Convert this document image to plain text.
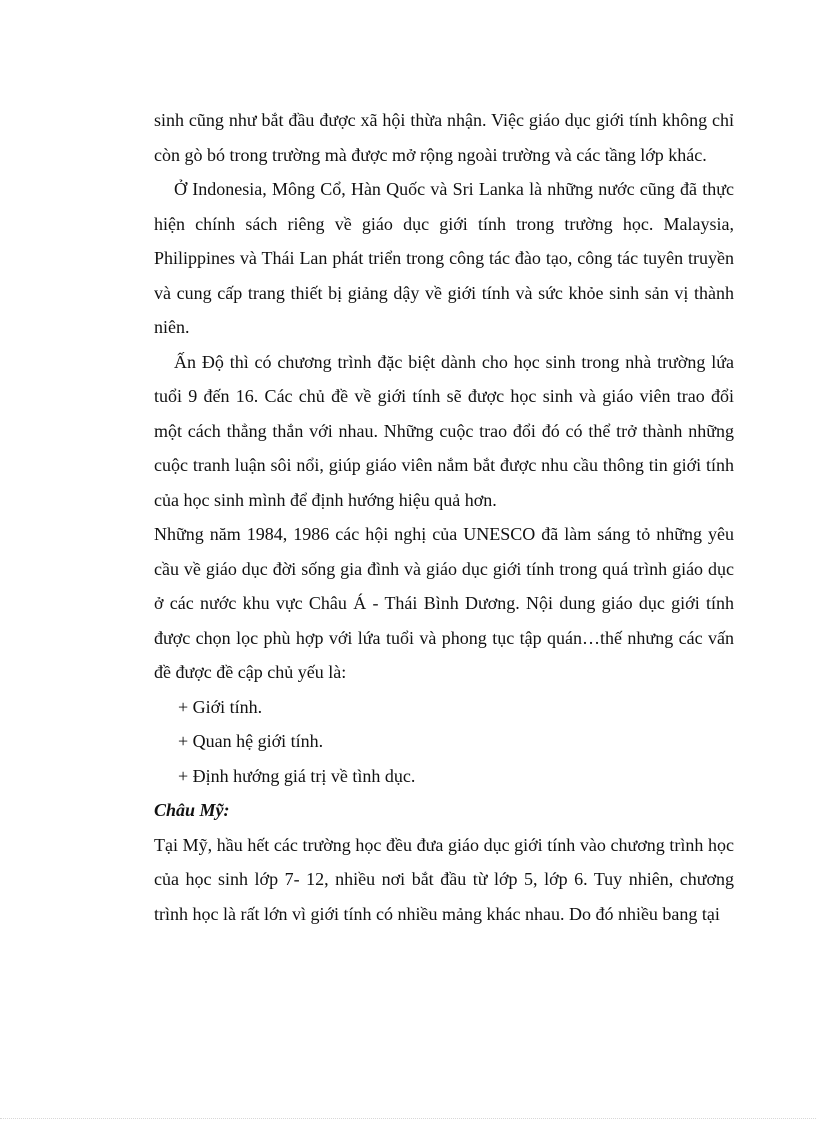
sinh cũng như bắt đầu được xã hội thừa nhận. Việc giáo dục giới tính không chỉ còn gò bó trong trường mà được mở rộng ngoài trường và các tầng lớp khác.

Ở Indonesia, Mông Cổ, Hàn Quốc và Sri Lanka là những nước cũng đã thực hiện chính sách riêng về giáo dục giới tính trong trường học. Malaysia, Philippines và Thái Lan phát triển trong công tác đào tạo, công tác tuyên truyền và cung cấp trang thiết bị giảng dậy về giới tính và sức khỏe sinh sản vị thành niên.

Ấn Độ thì có chương trình đặc biệt dành cho học sinh trong nhà trường lứa tuổi 9 đến 16. Các chủ đề về giới tính sẽ được học sinh và giáo viên trao đổi một cách thẳng thắn với nhau. Những cuộc trao đổi đó có thể trở thành những cuộc tranh luận sôi nổi, giúp giáo viên nắm bắt được nhu cầu thông tin giới tính của học sinh mình để định hướng hiệu quả hơn.

Những năm 1984, 1986 các hội nghị của UNESCO đã làm sáng tỏ những yêu cầu về giáo dục đời sống gia đình và giáo dục giới tính trong quá trình giáo dục ở các nước khu vực Châu Á - Thái Bình Dương. Nội dung giáo dục giới tính được chọn lọc phù hợp với lứa tuổi và phong tục tập quán…thế nhưng các vấn đề được đề cập chủ yếu là:

+ Giới tính.

+ Quan hệ giới tính.

+ Định hướng giá trị về tình dục.

Châu Mỹ:

Tại Mỹ, hầu hết các trường học đều đưa giáo dục giới tính vào chương trình học của học sinh lớp 7- 12, nhiều nơi bắt đầu từ lớp 5, lớp 6. Tuy nhiên, chương trình học là rất lớn vì giới tính có nhiều mảng khác nhau. Do đó nhiều bang tại
